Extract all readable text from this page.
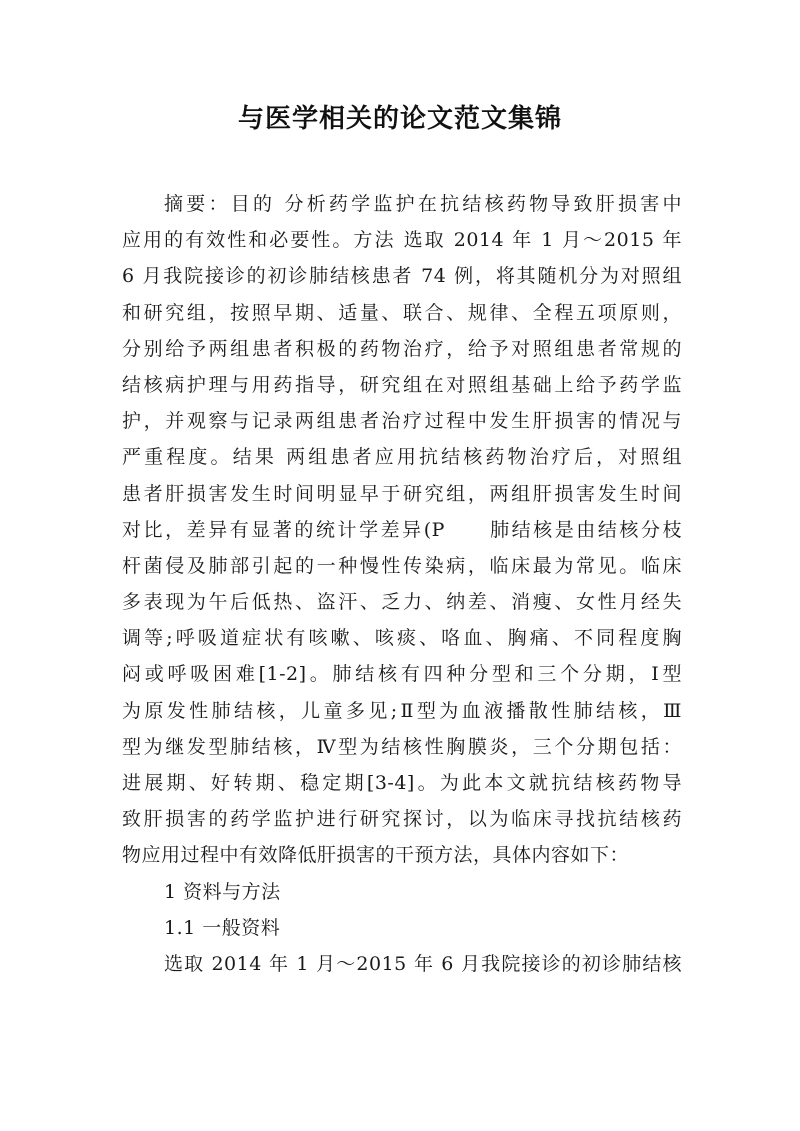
与医学相关的论文范文集锦
摘要：目的 分析药学监护在抗结核药物导致肝损害中
应用的有效性和必要性。方法 选取 2014 年 1 月～2015 年
6 月我院接诊的初诊肺结核患者 74 例，将其随机分为对照组
和研究组，按照早期、适量、联合、规律、全程五项原则，
分别给予两组患者积极的药物治疗，给予对照组患者常规的
结核病护理与用药指导，研究组在对照组基础上给予药学监
护，并观察与记录两组患者治疗过程中发生肝损害的情况与
严重程度。结果 两组患者应用抗结核药物治疗后，对照组
患者肝损害发生时间明显早于研究组，两组肝损害发生时间
对比，差异有显著的统计学差异(P　　肺结核是由结核分枝
杆菌侵及肺部引起的一种慢性传染病，临床最为常见。临床
多表现为午后低热、盗汗、乏力、纳差、消瘦、女性月经失
调等;呼吸道症状有咳嗽、咳痰、咯血、胸痛、不同程度胸
闷或呼吸困难[1-2]。肺结核有四种分型和三个分期，Ⅰ型
为原发性肺结核，儿童多见;Ⅱ型为血液播散性肺结核，Ⅲ
型为继发型肺结核，Ⅳ型为结核性胸膜炎，三个分期包括：
进展期、好转期、稳定期[3-4]。为此本文就抗结核药物导
致肝损害的药学监护进行研究探讨，以为临床寻找抗结核药
物应用过程中有效降低肝损害的干预方法，具体内容如下：
1 资料与方法
1.1 一般资料
选取 2014 年 1 月～2015 年 6 月我院接诊的初诊肺结核
